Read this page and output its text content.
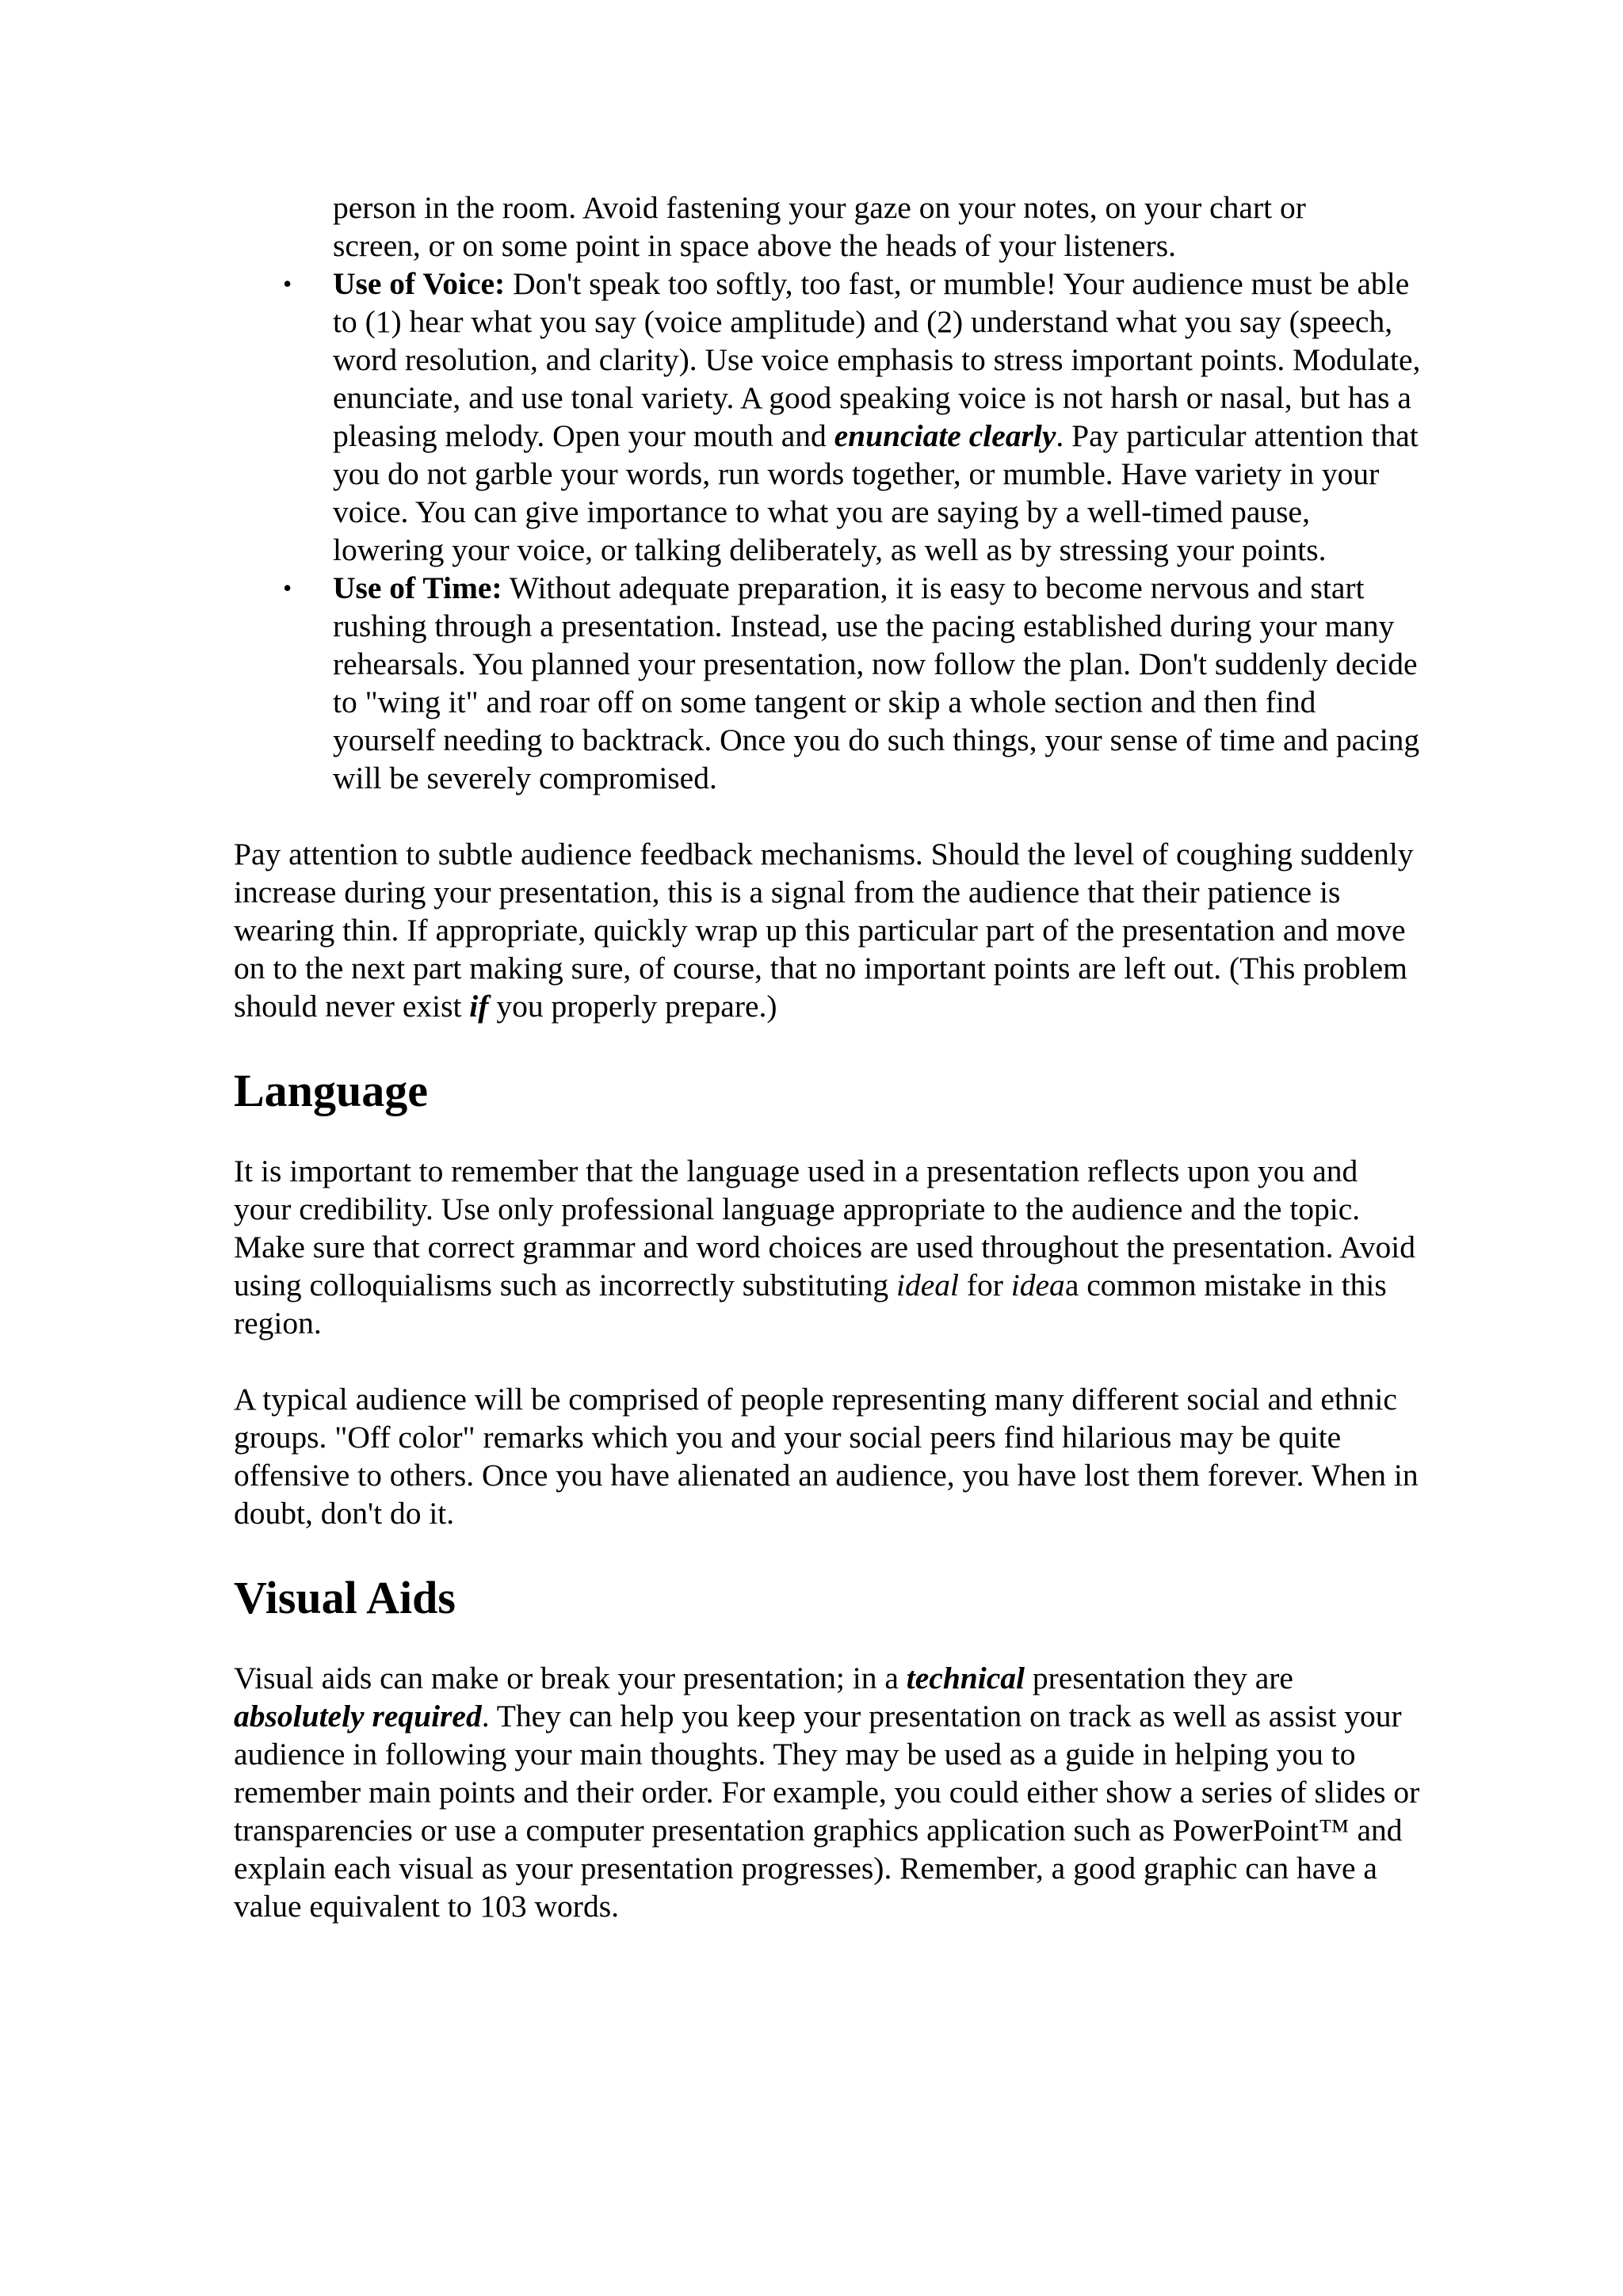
person in the room. Avoid fastening your gaze on your notes, on your chart or

screen, or on some point in space above the heads of your listeners.

• Use of Voice: Don't speak too softly, too fast, or mumble! Your audience must be able to (1) hear what you say (voice amplitude) and (2) understand what you say (speech, word resolution, and clarity). Use voice emphasis to stress important points. Modulate, enunciate, and use tonal variety. A good speaking voice is not harsh or nasal, but has a pleasing melody. Open your mouth and enunciate clearly. Pay particular attention that you do not garble your words, run words together, or mumble. Have variety in your voice. You can give importance to what you are saying by a well-timed pause, lowering your voice, or talking deliberately, as well as by stressing your points.
• Use of Time: Without adequate preparation, it is easy to become nervous and start rushing through a presentation. Instead, use the pacing established during your many rehearsals. You planned your presentation, now follow the plan. Don't suddenly decide to "wing it" and roar off on some tangent or skip a whole section and then find yourself needing to backtrack. Once you do such things, your sense of time and pacing will be severely compromised.

Pay attention to subtle audience feedback mechanisms. Should the level of coughing suddenly increase during your presentation, this is a signal from the audience that their patience is wearing thin. If appropriate, quickly wrap up this particular part of the presentation and move on to the next part making sure, of course, that no important points are left out. (This problem should never exist if you properly prepare.)

Language

It is important to remember that the language used in a presentation reflects upon you and your credibility. Use only professional language appropriate to the audience and the topic. Make sure that correct grammar and word choices are used throughout the presentation. Avoid using colloquialisms such as incorrectly substituting ideal for ideaa common mistake in this region.

A typical audience will be comprised of people representing many different social and ethnic groups. "Off color" remarks which you and your social peers find hilarious may be quite offensive to others. Once you have alienated an audience, you have lost them forever. When in doubt, don't do it.

Visual Aids

Visual aids can make or break your presentation; in a technical presentation they are absolutely required. They can help you keep your presentation on track as well as assist your audience in following your main thoughts. They may be used as a guide in helping you to remember main points and their order. For example, you could either show a series of slides or transparencies or use a computer presentation graphics application such as PowerPoint™ and explain each visual as your presentation progresses). Remember, a good graphic can have a value equivalent to 103 words.
